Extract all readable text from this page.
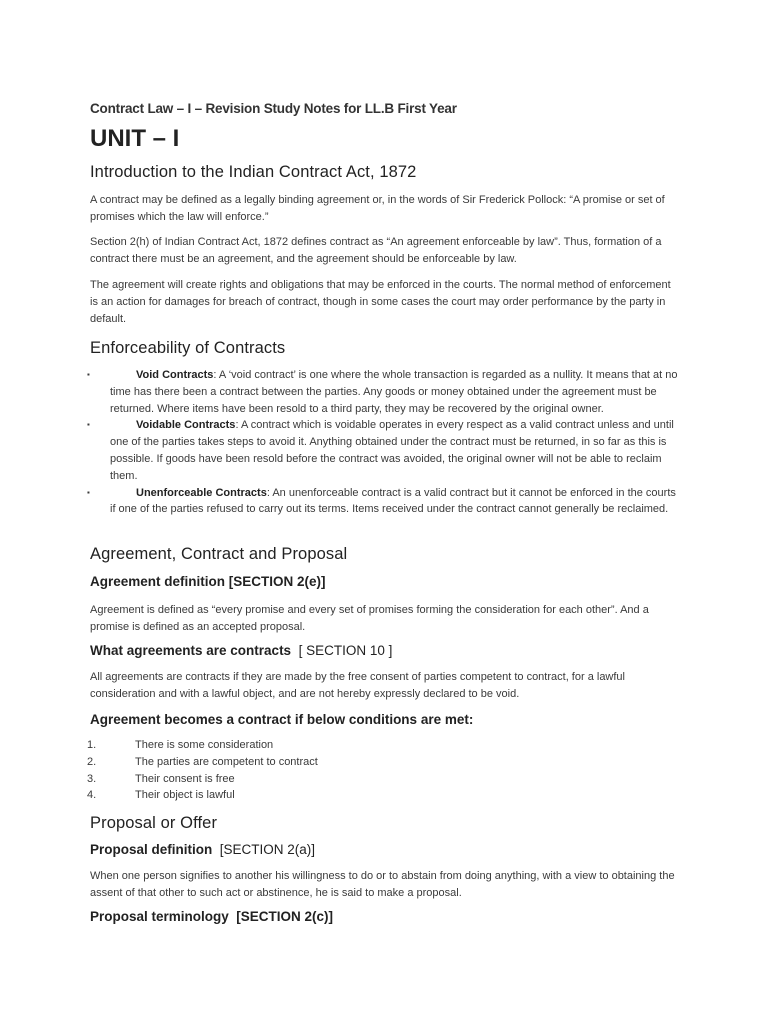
Contract Law – I – Revision Study Notes for LL.B First Year
UNIT – I
Introduction to the Indian Contract Act, 1872
A contract may be defined as a legally binding agreement or, in the words of Sir Frederick Pollock: “A promise or set of promises which the law will enforce.”
Section 2(h) of Indian Contract Act, 1872 defines contract as “An agreement enforceable by law”. Thus, formation of a contract there must be an agreement, and the agreement should be enforceable by law.
The agreement will create rights and obligations that may be enforced in the courts. The normal method of enforcement is an action for damages for breach of contract, though in some cases the court may order performance by the party in default.
Enforceability of Contracts
▪	Void Contracts: A ‘void contract’ is one where the whole transaction is regarded as a nullity. It means that at no time has there been a contract between the parties. Any goods or money obtained under the agreement must be returned. Where items have been resold to a third party, they may be recovered by the original owner.
▪	Voidable Contracts: A contract which is voidable operates in every respect as a valid contract unless and until one of the parties takes steps to avoid it. Anything obtained under the contract must be returned, in so far as this is possible. If goods have been resold before the contract was avoided, the original owner will not be able to reclaim them.
▪	Unenforceable Contracts: An unenforceable contract is a valid contract but it cannot be enforced in the courts if one of the parties refused to carry out its terms. Items received under the contract cannot generally be reclaimed.
Agreement, Contract and Proposal
Agreement definition [SECTION 2(e)]
Agreement is defined as “every promise and every set of promises forming the consideration for each other”. And a promise is defined as an accepted proposal.
What agreements are contracts [ SECTION 10 ]
All agreements are contracts if they are made by the free consent of parties competent to contract, for a lawful consideration and with a lawful object, and are not hereby expressly declared to be void.
Agreement becomes a contract if below conditions are met:
1.	There is some consideration
2.	The parties are competent to contract
3.	Their consent is free
4.	Their object is lawful
Proposal or Offer
Proposal definition [SECTION 2(a)]
When one person signifies to another his willingness to do or to abstain from doing anything, with a view to obtaining the assent of that other to such act or abstinence, he is said to make a proposal.
Proposal terminology [SECTION 2(c)]
